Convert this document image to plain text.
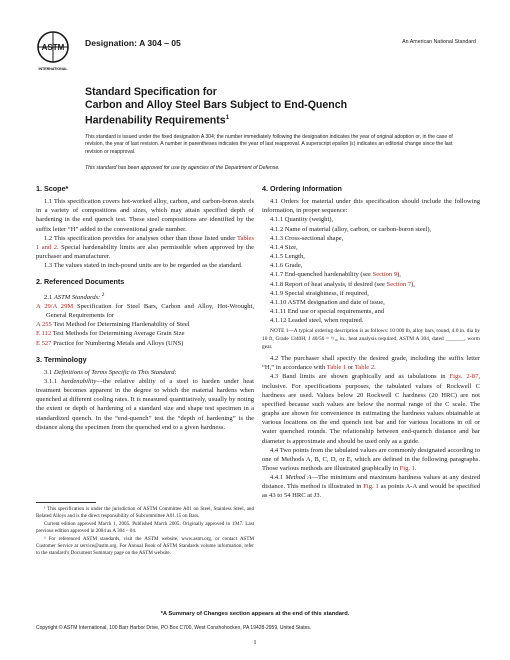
ASTM
INTERNATIONAL
Designation: A 304 – 05	An American National Standard
Standard Specification for
Carbon and Alloy Steel Bars Subject to End-Quench
Hardenability Requirements$^1$
This standard is issued under the fixed designation A 304; the number immediately following the designation indicates the year of original adoption or, in the case of revision, the year of last revision. A number in parentheses indicates the year of last reapproval. A superscript epsilon (ε) indicates an editorial change since the last revision or reapproval.
This standard has been approved for use by agencies of the Department of Defense.

1. Scope*

1.1 This specification covers hot-worked alloy, carbon, and carbon-boron steels in a variety of compositions and sizes, which may attain specified depth of hardening in the end quench test. These steel compositions are identified by the suffix letter “H” added to the conventional grade number.

1.2 This specification provides for analyses other than those listed under Tables 1 and 2. Special hardenability limits are also permissible when approved by the purchaser and manufacturer.

1.3 The values stated in inch-pound units are to be regarded as the standard.

2. Referenced Documents

2.1 ASTM Standards: $^2$

A 29/A 29M Specification for Steel Bars, Carbon and Alloy, Hot-Wrought, General Requirements for

A 255 Test Method for Determining Hardenability of Steel

E 112 Test Methods for Determining Average Grain Size

E 527 Practice for Numbering Metals and Alloys (UNS)

3. Terminology

3.1 Definitions of Terms Specific to This Standard:

3.1.1 hardenability—the relative ability of a steel to harden under heat treatment becomes apparent in the degree to which the material hardens when quenched at different cooling rates. It is measured quantitatively, usually by noting the extent or depth of hardening of a standard size and shape test specimen in a standardized quench. In the “end-quench” test the “depth of hardening” is the distance along the specimen from the quenched end to a given hardness.

4. Ordering Information

4.1 Orders for material under this specification should include the following information, in proper sequence:

4.1.1 Quantity (weight),

4.1.2 Name of material (alloy, carbon, or carbon-boron steel),

4.1.3 Cross-sectional shape,

4.1.4 Size,

4.1.5 Length,

4.1.6 Grade,

4.1.7 End-quenched hardenability (see Section 9),

4.1.8 Report of heat analysis, if desired (see Section 7),

4.1.9 Special straightness, if required,

4.1.10 ASTM designation and date of issue,

4.1.11 End use or special requirements, and

4.1.12 Leaded steel, when required.

NOTE 1—A typical ordering description is as follows: 10 000 lb, alloy bars, round, 4.0 in. dia by 10 ft, Grade 1340H, J 40/56 = ⁶/₁₆ in., heat analysis required, ASTM A 304, dated _______, worm gear.

4.2 The purchaser shall specify the desired grade, including the suffix letter “H,” in accordance with Table 1 or Table 2.

4.3 Band limits are shown graphically and as tabulations in Figs. 2-87, inclusive. For specifications purposes, the tabulated values of Rockwell C hardness are used. Values below 20 Rockwell C hardness (20 HRC) are not specified because such values are below the normal range of the C scale. The graphs are shown for convenience in estimating the hardness values obtainable at various locations on the end quench test bar and for various locations in oil or water quenched rounds. The relationship between end-quench distance and bar diameter is approximate and should be used only as a guide.

4.4 Two points from the tabulated values are commonly designated according to one of Methods A, B, C, D, or E, which are defined in the following paragraphs. Those various methods are illustrated graphically in Fig. 1.

4.4.1 Method A—The minimum and maximum hardness values at any desired distance. This method is illustrated in Fig. 1 as points A-A and would be specified as 43 to 54 HRC at J3.

¹ This specification is under the jurisdiction of ASTM Committee A01 on Steel, Stainless Steel, and Related Alloys and is the direct responsibility of Subcommittee A01.15 on Bars.

Current edition approved March 1, 2005. Published March 2005. Originally approved in 1947. Last previous edition approved in 2004 as A 304 – 04.

² For referenced ASTM standards, visit the ASTM website, www.astm.org, or contact ASTM Customer Service at service@astm.org. For Annual Book of ASTM Standards volume information, refer to the standard’s Document Summary page on the ASTM website.

*A Summary of Changes section appears at the end of this standard.
Copyright © ASTM International, 100 Barr Harbor Drive, PO Box C700, West Conshohocken, PA 19428-2959, United States.
1
